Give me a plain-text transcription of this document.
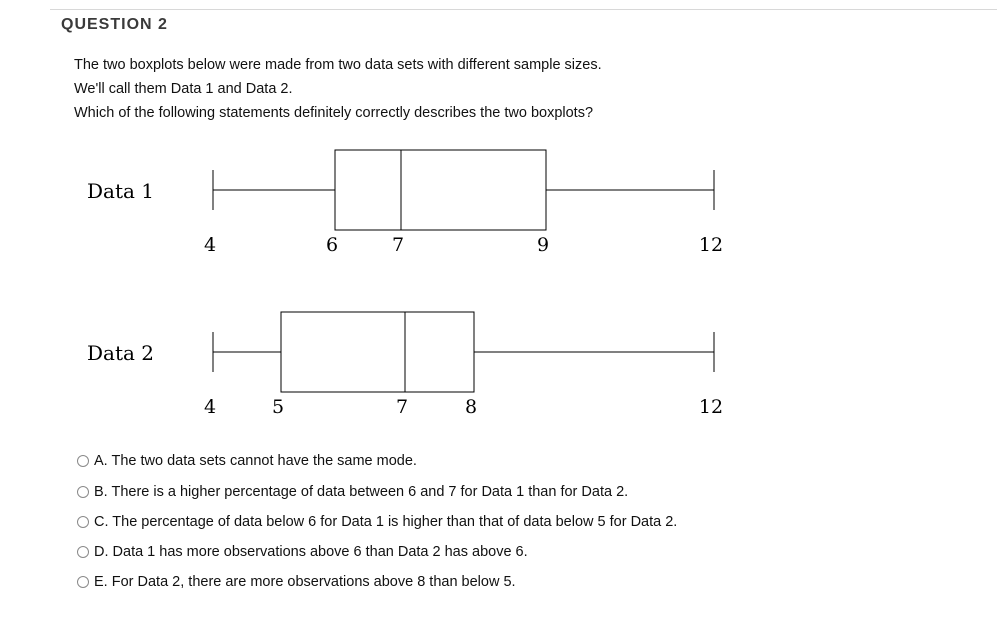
QUESTION 2
The two boxplots below were made from two data sets with different sample sizes.
We'll call them Data 1 and Data 2.
Which of the following statements definitely correctly describes the two boxplots?
Data 1
4	6	7	9	12
Data 2
4	5	7	8	12
A. The two data sets cannot have the same mode.
B. There is a higher percentage of data between 6 and 7 for Data 1 than for Data 2.
C. The percentage of data below 6 for Data 1 is higher than that of data below 5 for Data 2.
D. Data 1 has more observations above 6 than Data 2 has above 6.
E. For Data 2, there are more observations above 8 than below 5.
